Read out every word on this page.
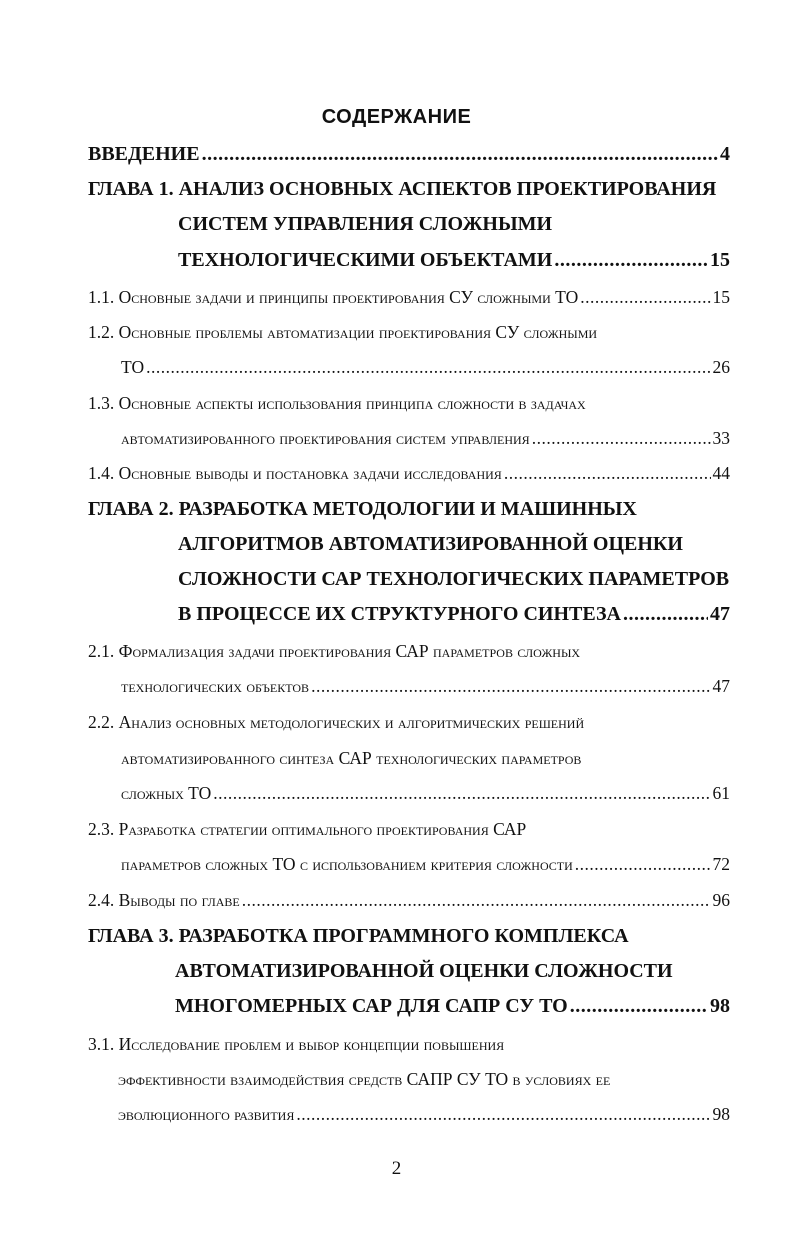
СОДЕРЖАНИЕ
ВВЕДЕНИЕ .....	4
ГЛАВА 1. АНАЛИЗ ОСНОВНЫХ АСПЕКТОВ ПРОЕКТИРОВАНИЯ
СИСТЕМ УПРАВЛЕНИЯ СЛОЖНЫМИ
ТЕХНОЛОГИЧЕСКИМИ ОБЪЕКТАМИ .....	15
1.1. Основные задачи и принципы проектирования СУ сложными ТО .....	15
1.2. Основные проблемы автоматизации проектирования СУ сложными
ТО .....	26
1.3. Основные аспекты использования принципа сложности в задачах
автоматизированного проектирования систем управления .....	33
1.4. Основные выводы и постановка задачи исследования .....	44
ГЛАВА 2. РАЗРАБОТКА МЕТОДОЛОГИИ И МАШИННЫХ
АЛГОРИТМОВ АВТОМАТИЗИРОВАННОЙ ОЦЕНКИ
СЛОЖНОСТИ САР ТЕХНОЛОГИЧЕСКИХ ПАРАМЕТРОВ
В ПРОЦЕССЕ ИХ СТРУКТУРНОГО СИНТЕЗА .....	47
2.1. Формализация задачи проектирования САР параметров сложных
технологических объектов .....	47
2.2. Анализ основных методологических и алгоритмических решений
автоматизированного синтеза САР технологических параметров
сложных ТО .....	61
2.3. Разработка стратегии оптимального проектирования САР
параметров сложных ТО с использованием критерия сложности .....	72
2.4. Выводы по главе .....	96
ГЛАВА 3. РАЗРАБОТКА ПРОГРАММНОГО КОМПЛЕКСА
АВТОМАТИЗИРОВАННОЙ ОЦЕНКИ СЛОЖНОСТИ
МНОГОМЕРНЫХ САР ДЛЯ САПР СУ ТО .....	98
3.1. Исследование проблем и выбор концепции повышения
эффективности взаимодействия средств САПР СУ ТО в условиях ее
эволюционного развития .....	98
2
